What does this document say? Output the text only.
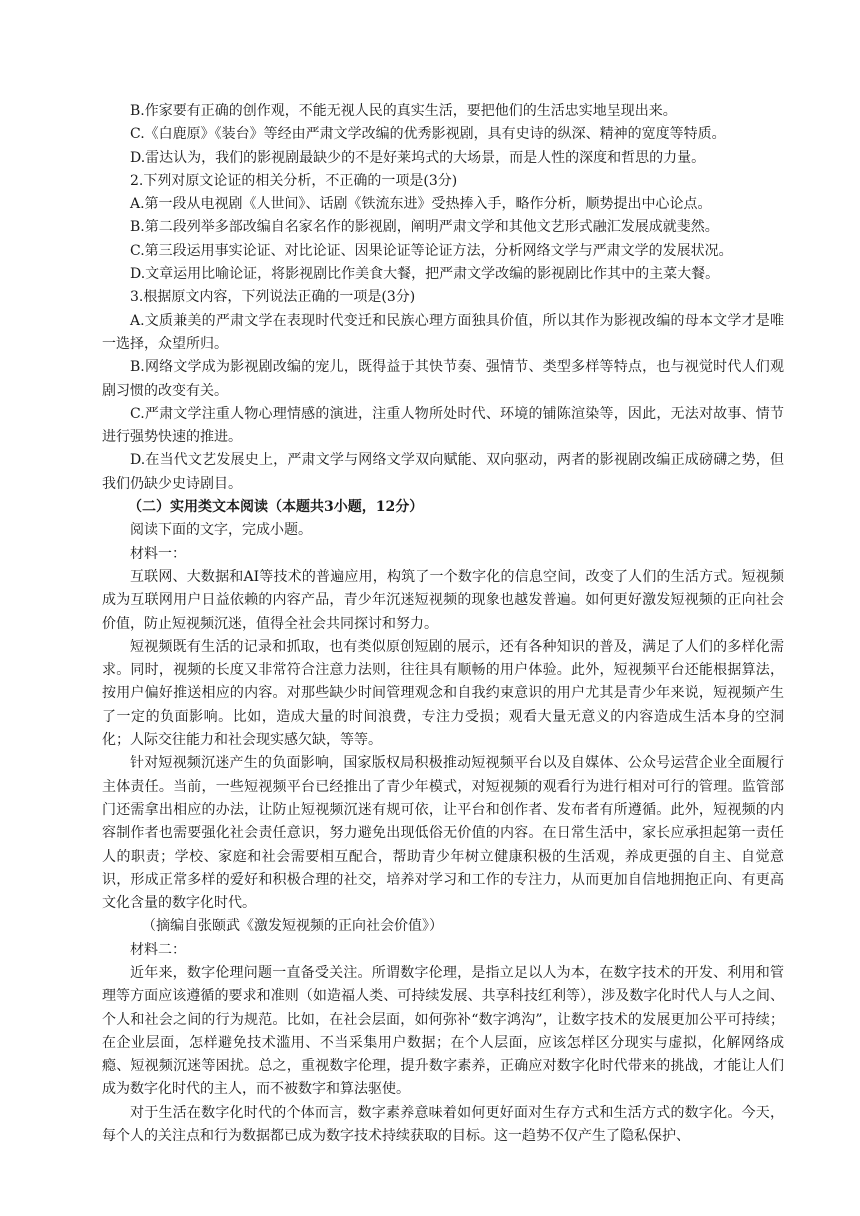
B.作家要有正确的创作观，不能无视人民的真实生活，要把他们的生活忠实地呈现出来。

C.《白鹿原》《装台》等经由严肃文学改编的优秀影视剧，具有史诗的纵深、精神的宽度等特质。

D.雷达认为，我们的影视剧最缺少的不是好莱坞式的大场景，而是人性的深度和哲思的力量。

2.下列对原文论证的相关分析，不正确的一项是(3分)

A.第一段从电视剧《人世间》、话剧《铁流东进》受热捧入手，略作分析，顺势提出中心论点。

B.第二段列举多部改编自名家名作的影视剧，阐明严肃文学和其他文艺形式融汇发展成就斐然。

C.第三段运用事实论证、对比论证、因果论证等论证方法，分析网络文学与严肃文学的发展状况。

D.文章运用比喻论证，将影视剧比作美食大餐，把严肃文学改编的影视剧比作其中的主菜大餐。

3.根据原文内容，下列说法正确的一项是(3分)

A.文质兼美的严肃文学在表现时代变迁和民族心理方面独具价值，所以其作为影视改编的母本文学才是唯一选择，众望所归。

B.网络文学成为影视剧改编的宠儿，既得益于其快节奏、强情节、类型多样等特点，也与视觉时代人们观剧习惯的改变有关。

C.严肃文学注重人物心理情感的演进，注重人物所处时代、环境的铺陈渲染等，因此，无法对故事、情节进行强势快速的推进。

D.在当代文艺发展史上，严肃文学与网络文学双向赋能、双向驱动，两者的影视剧改编正成磅礴之势，但我们仍缺少史诗剧目。

（二）实用类文本阅读（本题共3小题，12分）

阅读下面的文字，完成小题。

材料一：

互联网、大数据和AI等技术的普遍应用，构筑了一个数字化的信息空间，改变了人们的生活方式。短视频成为互联网用户日益依赖的内容产品，青少年沉迷短视频的现象也越发普遍。如何更好激发短视频的正向社会价值，防止短视频沉迷，值得全社会共同探讨和努力。

短视频既有生活的记录和抓取，也有类似原创短剧的展示，还有各种知识的普及，满足了人们的多样化需求。同时，视频的长度又非常符合注意力法则，往往具有顺畅的用户体验。此外，短视频平台还能根据算法，按用户偏好推送相应的内容。对那些缺少时间管理观念和自我约束意识的用户尤其是青少年来说，短视频产生了一定的负面影响。比如，造成大量的时间浪费，专注力受损；观看大量无意义的内容造成生活本身的空洞化；人际交往能力和社会现实感欠缺，等等。

针对短视频沉迷产生的负面影响，国家版权局积极推动短视频平台以及自媒体、公众号运营企业全面履行主体责任。当前，一些短视频平台已经推出了青少年模式，对短视频的观看行为进行相对可行的管理。监管部门还需拿出相应的办法，让防止短视频沉迷有规可依，让平台和创作者、发布者有所遵循。此外，短视频的内容制作者也需要强化社会责任意识，努力避免出现低俗无价值的内容。在日常生活中，家长应承担起第一责任人的职责；学校、家庭和社会需要相互配合，帮助青少年树立健康积极的生活观，养成更强的自主、自觉意识，形成正常多样的爱好和积极合理的社交，培养对学习和工作的专注力，从而更加自信地拥抱正向、有更高文化含量的数字化时代。

（摘编自张颐武《激发短视频的正向社会价值》）

材料二：

近年来，数字伦理问题一直备受关注。所谓数字伦理，是指立足以人为本，在数字技术的开发、利用和管理等方面应该遵循的要求和准则（如造福人类、可持续发展、共享科技红利等），涉及数字化时代人与人之间、个人和社会之间的行为规范。比如，在社会层面，如何弥补“数字鸿沟”，让数字技术的发展更加公平可持续；在企业层面，怎样避免技术滥用、不当采集用户数据；在个人层面，应该怎样区分现实与虚拟，化解网络成瘾、短视频沉迷等困扰。总之，重视数字伦理，提升数字素养，正确应对数字化时代带来的挑战，才能让人们成为数字化时代的主人，而不被数字和算法驱使。

对于生活在数字化时代的个体而言，数字素养意味着如何更好面对生存方式和生活方式的数字化。今天，每个人的关注点和行为数据都已成为数字技术持续获取的目标。这一趋势不仅产生了隐私保护、
